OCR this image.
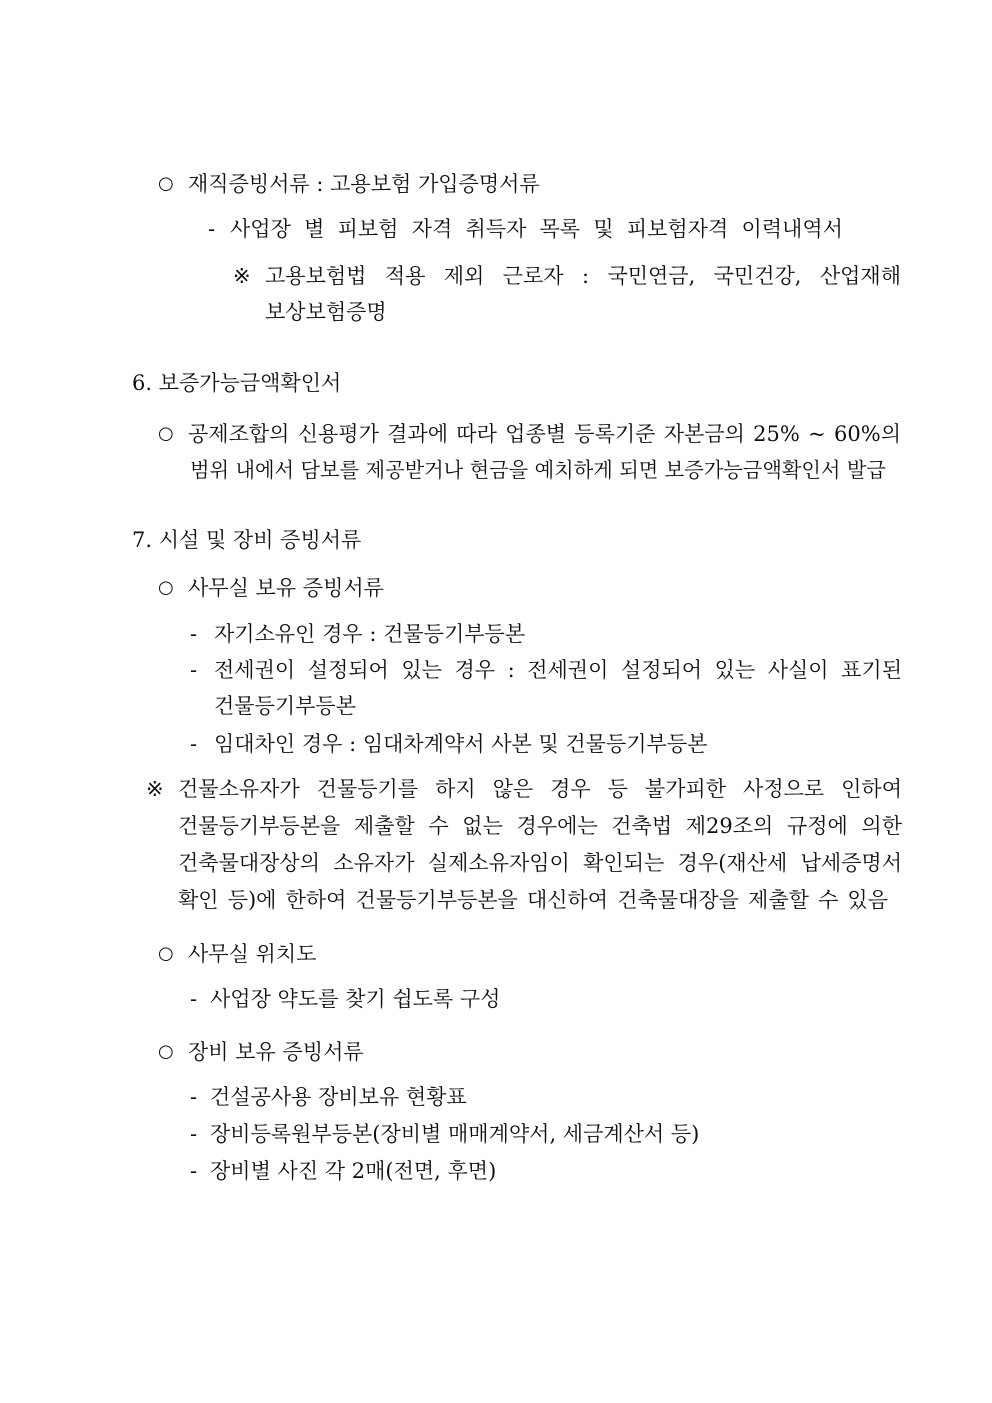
○ 재직증빙서류 : 고용보험 가입증명서류
- 사업장 별 피보험 자격 취득자 목록 및 피보험자격 이력내역서
※ 고용보험법 적용 제외 근로자 : 국민연금, 국민건강, 산업재해
보상보험증명
6. 보증가능금액확인서
○ 공제조합의 신용평가 결과에 따라 업종별 등록기준 자본금의 25% ~ 60%의
범위 내에서 담보를 제공받거나 현금을 예치하게 되면 보증가능금액확인서 발급
7. 시설 및 장비 증빙서류
○ 사무실 보유 증빙서류
- 자기소유인 경우 : 건물등기부등본
- 전세권이 설정되어 있는 경우 : 전세권이 설정되어 있는 사실이 표기된
건물등기부등본
- 임대차인 경우 : 임대차계약서 사본 및 건물등기부등본
※ 건물소유자가 건물등기를 하지 않은 경우 등 불가피한 사정으로 인하여
건물등기부등본을 제출할 수 없는 경우에는 건축법 제29조의 규정에 의한
건축물대장상의 소유자가 실제소유자임이 확인되는 경우(재산세 납세증명서
확인 등)에 한하여 건물등기부등본을 대신하여 건축물대장을 제출할 수 있음
○ 사무실 위치도
- 사업장 약도를 찾기 쉽도록 구성
○ 장비 보유 증빙서류
- 건설공사용 장비보유 현황표
- 장비등록원부등본(장비별 매매계약서, 세금계산서 등)
- 장비별 사진 각 2매(전면, 후면)
